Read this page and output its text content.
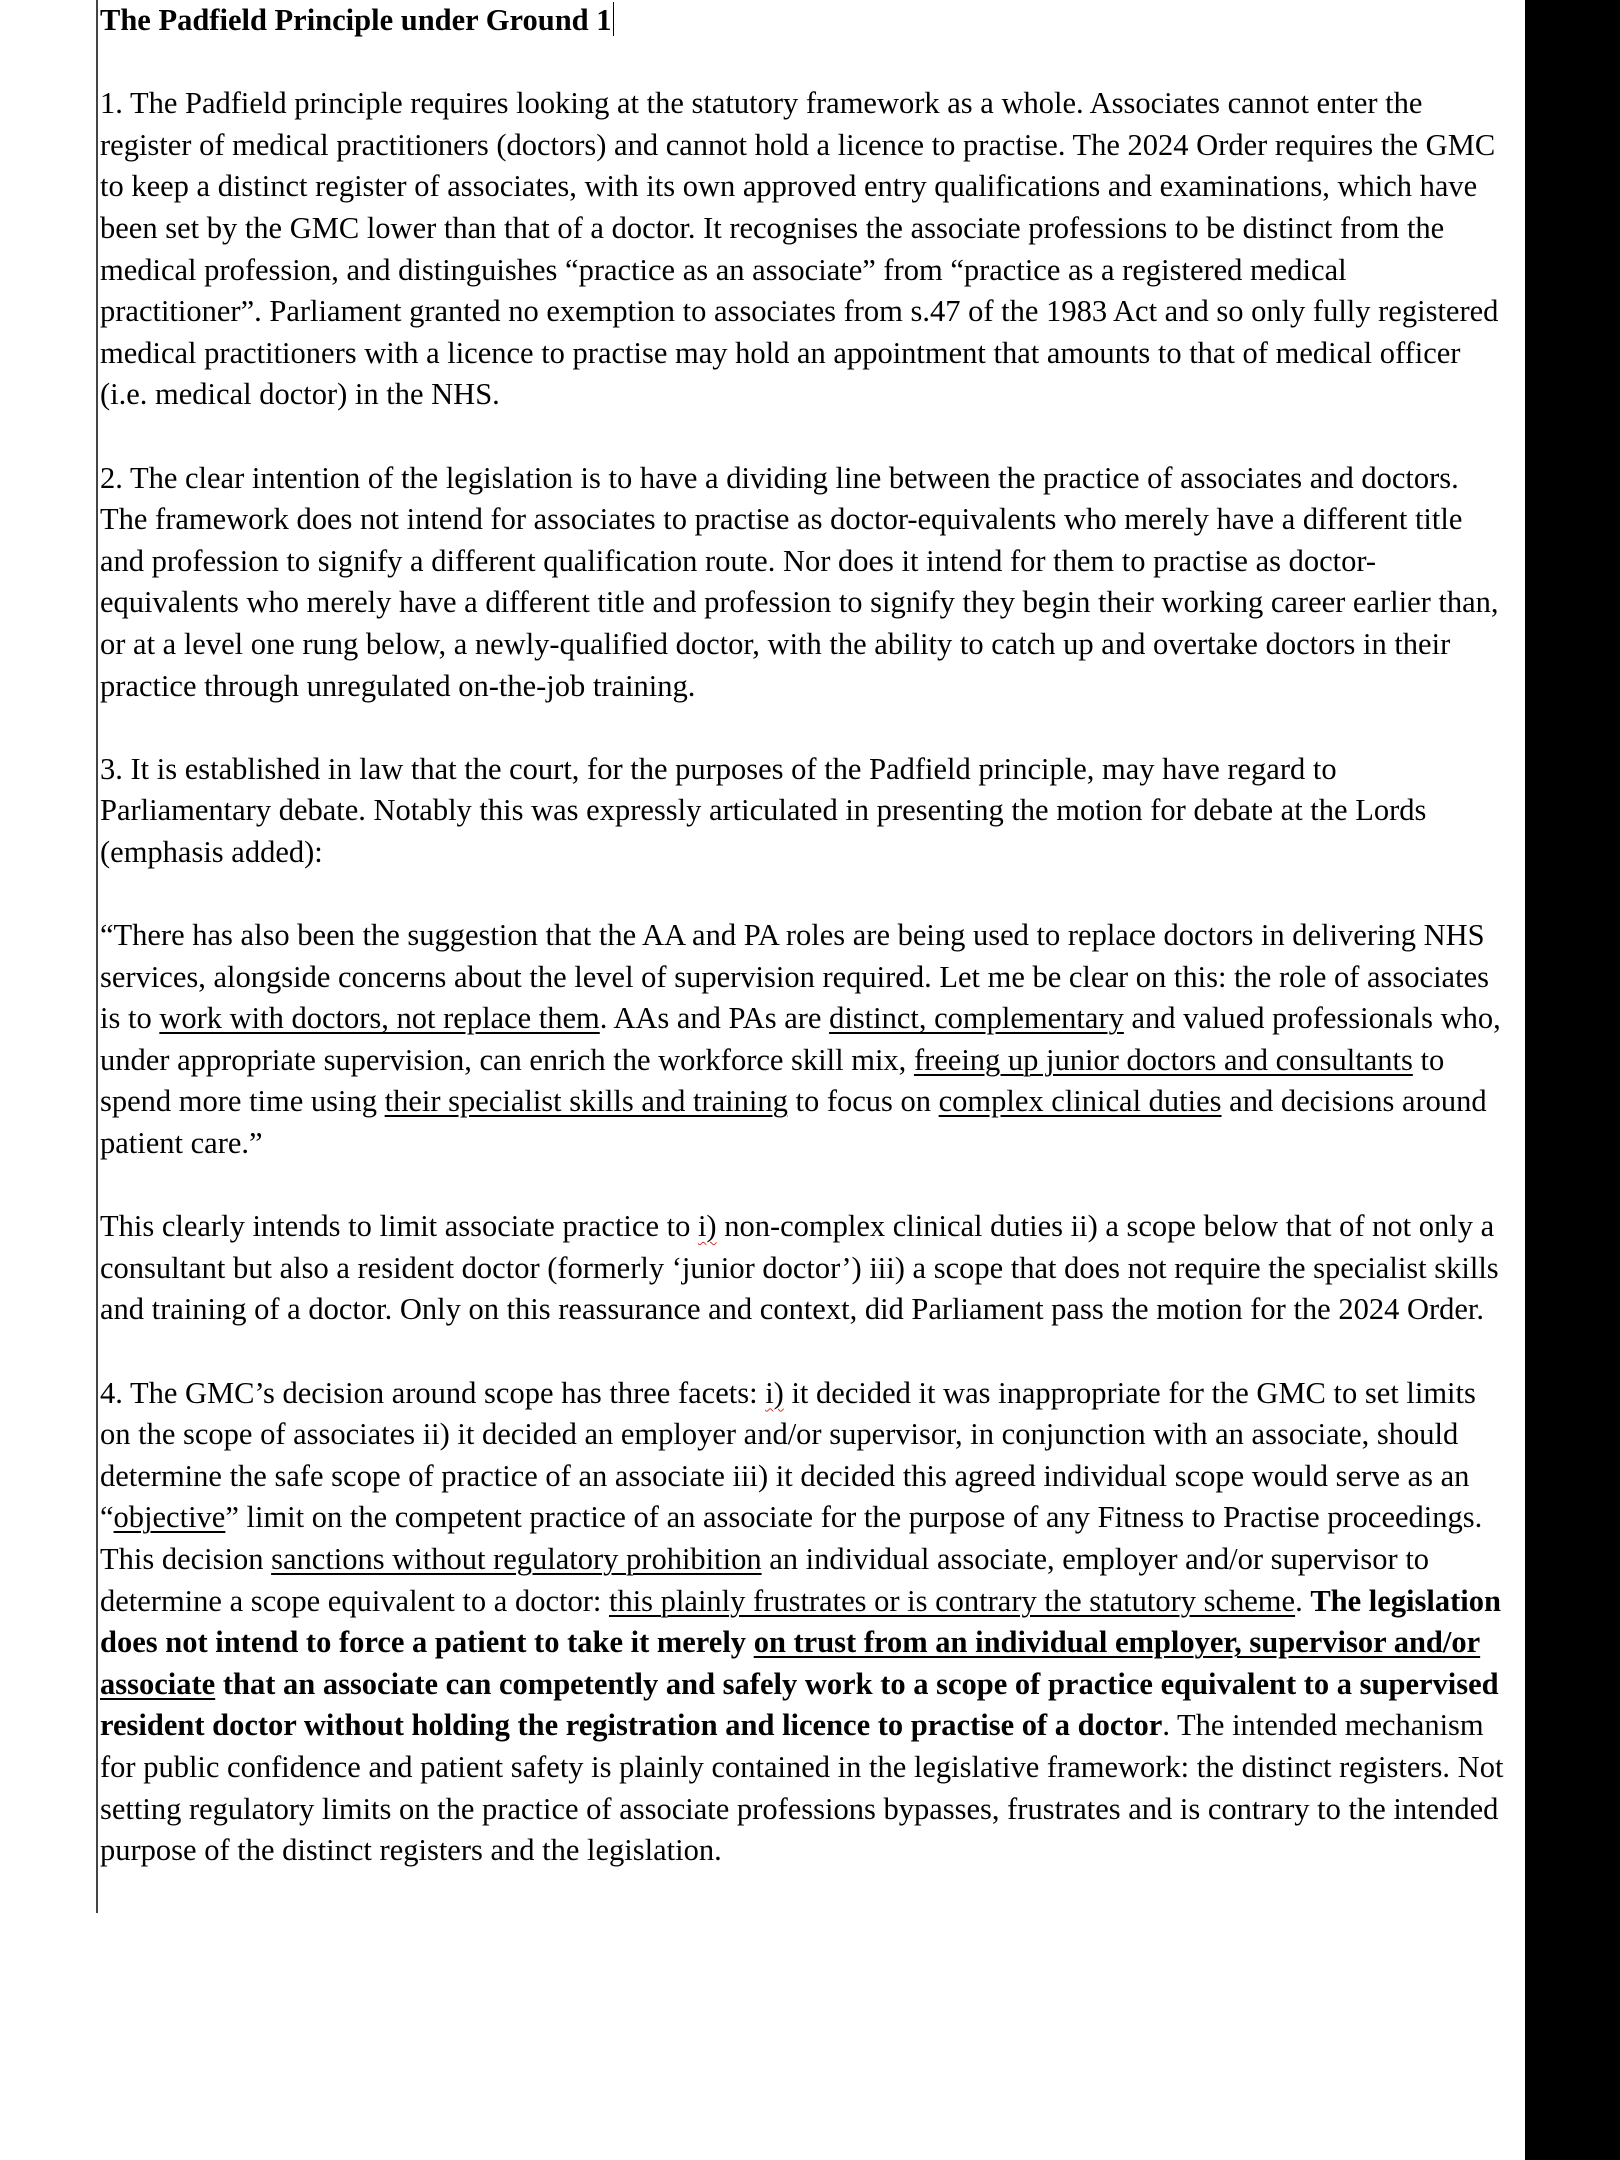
The Padfield Principle under Ground 1

1. The Padfield principle requires looking at the statutory framework as a whole. Associates cannot enter the register of medical practitioners (doctors) and cannot hold a licence to practise. The 2024 Order requires the GMC to keep a distinct register of associates, with its own approved entry qualifications and examinations, which have been set by the GMC lower than that of a doctor. It recognises the associate professions to be distinct from the medical profession, and distinguishes “practice as an associate” from “practice as a registered medical practitioner”. Parliament granted no exemption to associates from s.47 of the 1983 Act and so only fully registered medical practitioners with a licence to practise may hold an appointment that amounts to that of medical officer (i.e. medical doctor) in the NHS.

2. The clear intention of the legislation is to have a dividing line between the practice of associates and doctors. The framework does not intend for associates to practise as doctor-equivalents who merely have a different title and profession to signify a different qualification route. Nor does it intend for them to practise as doctor-equivalents who merely have a different title and profession to signify they begin their working career earlier than, or at a level one rung below, a newly-qualified doctor, with the ability to catch up and overtake doctors in their practice through unregulated on-the-job training.

3. It is established in law that the court, for the purposes of the Padfield principle, may have regard to Parliamentary debate. Notably this was expressly articulated in presenting the motion for debate at the Lords (emphasis added):

“There has also been the suggestion that the AA and PA roles are being used to replace doctors in delivering NHS services, alongside concerns about the level of supervision required. Let me be clear on this: the role of associates is to work with doctors, not replace them. AAs and PAs are distinct, complementary and valued professionals who, under appropriate supervision, can enrich the workforce skill mix, freeing up junior doctors and consultants to spend more time using their specialist skills and training to focus on complex clinical duties and decisions around patient care.”

This clearly intends to limit associate practice to i) non-complex clinical duties ii) a scope below that of not only a consultant but also a resident doctor (formerly ‘junior doctor’) iii) a scope that does not require the specialist skills and training of a doctor. Only on this reassurance and context, did Parliament pass the motion for the 2024 Order.

4. The GMC’s decision around scope has three facets: i) it decided it was inappropriate for the GMC to set limits on the scope of associates ii) it decided an employer and/or supervisor, in conjunction with an associate, should determine the safe scope of practice of an associate iii) it decided this agreed individual scope would serve as an “objective” limit on the competent practice of an associate for the purpose of any Fitness to Practise proceedings. This decision sanctions without regulatory prohibition an individual associate, employer and/or supervisor to determine a scope equivalent to a doctor: this plainly frustrates or is contrary the statutory scheme. The legislation does not intend to force a patient to take it merely on trust from an individual employer, supervisor and/or associate that an associate can competently and safely work to a scope of practice equivalent to a supervised resident doctor without holding the registration and licence to practise of a doctor. The intended mechanism for public confidence and patient safety is plainly contained in the legislative framework: the distinct registers. Not setting regulatory limits on the practice of associate professions bypasses, frustrates and is contrary to the intended purpose of the distinct registers and the legislation.
